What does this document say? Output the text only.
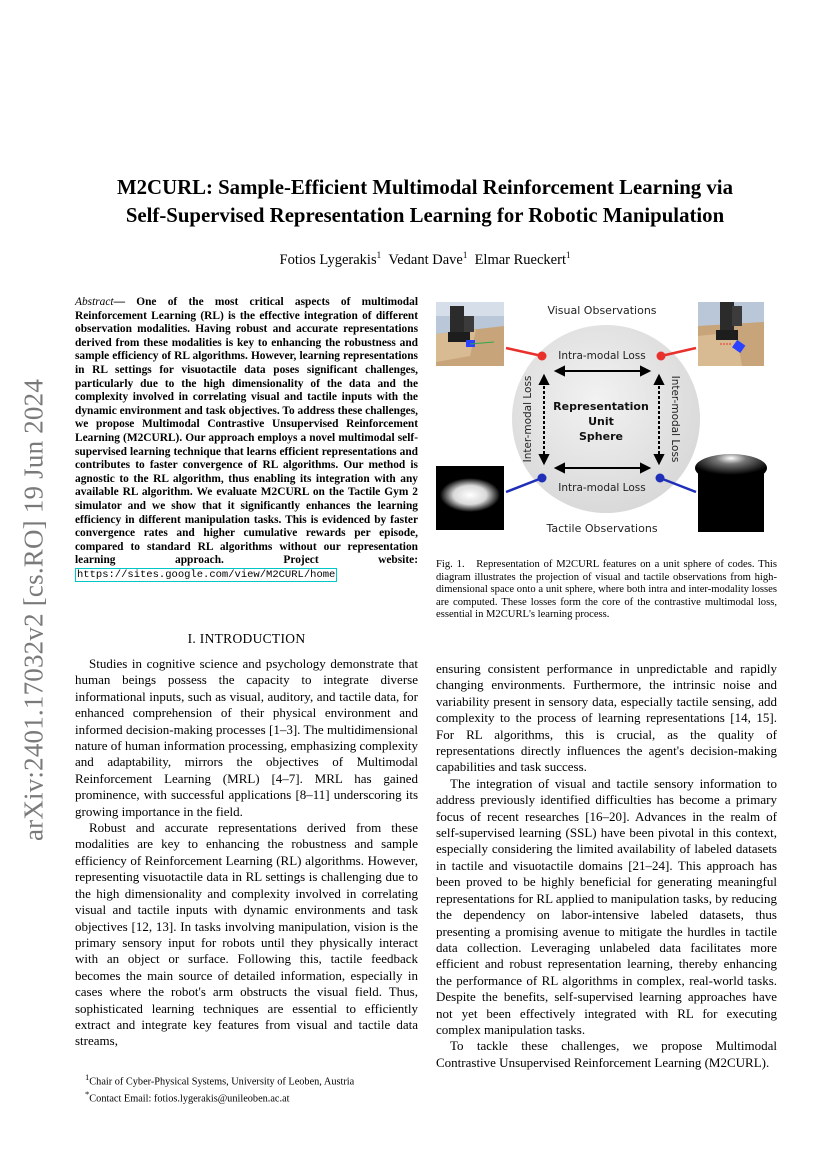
arXiv:2401.17032v2 [cs.RO] 19 Jun 2024
M2CURL: Sample-Efficient Multimodal Reinforcement Learning via
Self-Supervised Representation Learning for Robotic Manipulation
Fotios Lygerakis$^1$ Vedant Dave$^1$ Elmar Rueckert$^1$
Abstract— One of the most critical aspects of multimodal Reinforcement Learning (RL) is the effective integration of different observation modalities. Having robust and accurate representations derived from these modalities is key to enhancing the robustness and sample efficiency of RL algorithms. However, learning representations in RL settings for visuotactile data poses significant challenges, particularly due to the high dimensionality of the data and the complexity involved in correlating visual and tactile inputs with the dynamic environment and task objectives. To address these challenges, we propose Multimodal Contrastive Unsupervised Reinforcement Learning (M2CURL). Our approach employs a novel multimodal self-supervised learning technique that learns efficient representations and contributes to faster convergence of RL algorithms. Our method is agnostic to the RL algorithm, thus enabling its integration with any available RL algorithm. We evaluate M2CURL on the Tactile Gym 2 simulator and we show that it significantly enhances the learning efficiency in different manipulation tasks. This is evidenced by faster convergence rates and higher cumulative rewards per episode, compared to standard RL algorithms without our representation learning approach. Project website: https://sites.google.com/view/M2CURL/home
Visual Observations
Tactile Observations
Intra-modal Loss
Intra-modal Loss
Inter-modal Loss	Inter-modal Loss
Representation
Unit
Sphere
Fig. 1. Representation of M2CURL features on a unit sphere of codes. This diagram illustrates the projection of visual and tactile observations from high-dimensional space onto a unit sphere, where both intra and inter-modality losses are computed. These losses form the core of the contrastive multimodal loss, essential in M2CURL's learning process.
I. INTRODUCTION

Studies in cognitive science and psychology demonstrate that human beings possess the capacity to integrate diverse informational inputs, such as visual, auditory, and tactile data, for enhanced comprehension of their physical environment and informed decision-making processes [1–3]. The multidimensional nature of human information processing, emphasizing complexity and adaptability, mirrors the objectives of Multimodal Reinforcement Learning (MRL) [4–7]. MRL has gained prominence, with successful applications [8–11] underscoring its growing importance in the field.

Robust and accurate representations derived from these modalities are key to enhancing the robustness and sample efficiency of Reinforcement Learning (RL) algorithms. However, representing visuotactile data in RL settings is challenging due to the high dimensionality and complexity involved in correlating visual and tactile inputs with dynamic environments and task objectives [12, 13]. In tasks involving manipulation, vision is the primary sensory input for robots until they physically interact with an object or surface. Following this, tactile feedback becomes the main source of detailed information, especially in cases where the robot's arm obstructs the visual field. Thus, sophisticated learning techniques are essential to efficiently extract and integrate key features from visual and tactile data streams,

ensuring consistent performance in unpredictable and rapidly changing environments. Furthermore, the intrinsic noise and variability present in sensory data, especially tactile sensing, add complexity to the process of learning representations [14, 15]. For RL algorithms, this is crucial, as the quality of representations directly influences the agent's decision-making capabilities and task success.

The integration of visual and tactile sensory information to address previously identified difficulties has become a primary focus of recent researches [16–20]. Advances in the realm of self-supervised learning (SSL) have been pivotal in this context, especially considering the limited availability of labeled datasets in tactile and visuotactile domains [21–24]. This approach has been proved to be highly beneficial for generating meaningful representations for RL applied to manipulation tasks, by reducing the dependency on labor-intensive labeled datasets, thus presenting a promising avenue to mitigate the hurdles in tactile data collection. Leveraging unlabeled data facilitates more efficient and robust representation learning, thereby enhancing the performance of RL algorithms in complex, real-world tasks. Despite the benefits, self-supervised learning approaches have not yet been effectively integrated with RL for executing complex manipulation tasks.

To tackle these challenges, we propose Multimodal Contrastive Unsupervised Reinforcement Learning (M2CURL).

$^1$Chair of Cyber-Physical Systems, University of Leoben, Austria

*Contact Email: fotios.lygerakis@unileoben.ac.at
